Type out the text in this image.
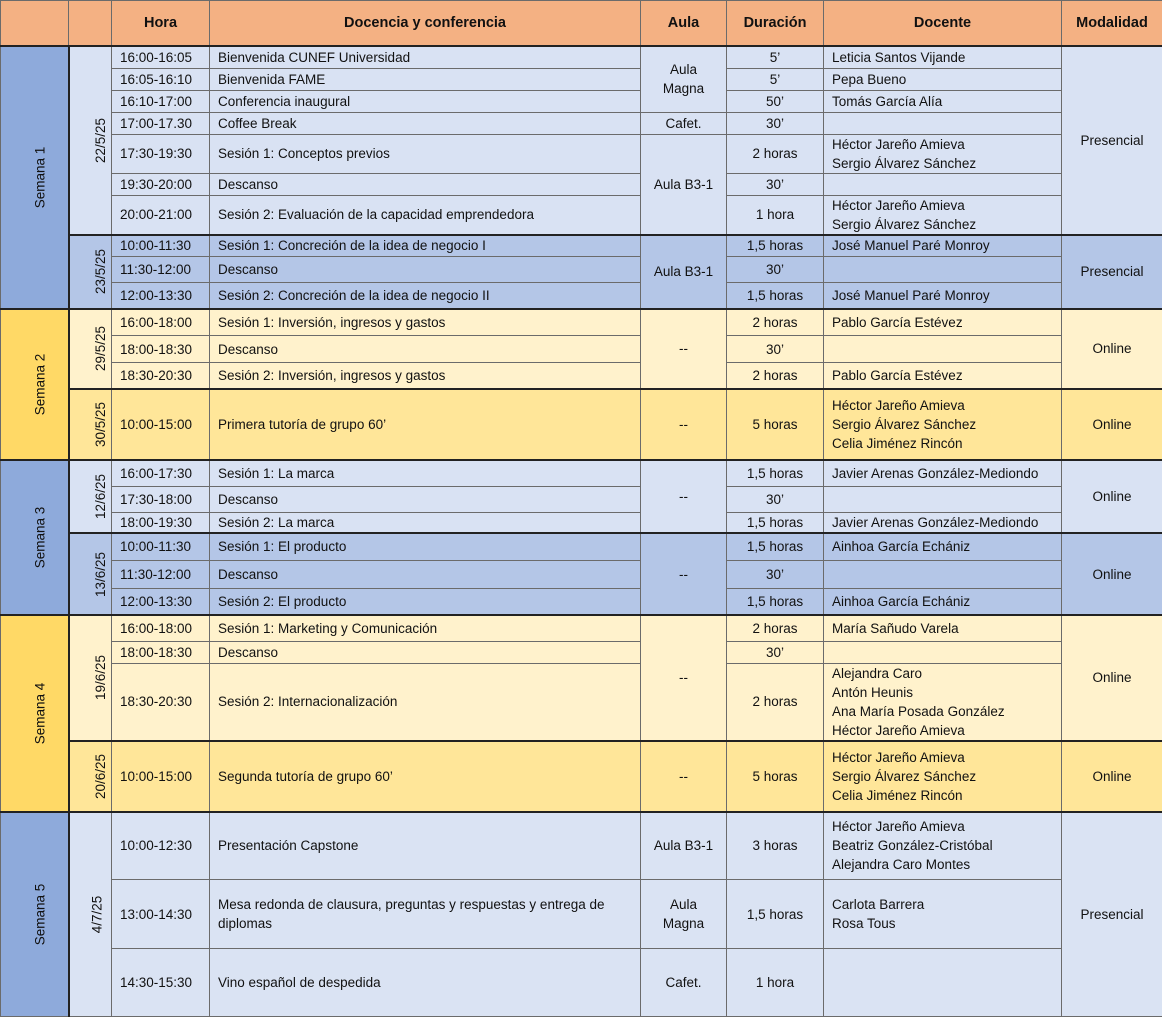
		Hora	Docencia y conferencia	Aula	Duración	Docente	Modalidad
Semana 1	22/5/25	16:00-16:05	Bienvenida CUNEF Universidad	Aula Magna	5’	Leticia Santos Vijande	Presencial
		16:05-16:10	Bienvenida FAME		5’	Pepa Bueno	

		16:10-17:00	Conferencia inaugural		50’	Tomás García Alía	

		17:00-17.30	Coffee Break	Cafet.	30’		
		17:30-19:30	Sesión 1: Conceptos previos	Aula B3-1	2 horas	Héctor Jareño Amieva
Sergio Álvarez Sánchez	

		19:30-20:00	Descanso		30’		
		20:00-21:00	Sesión 2: Evaluación de la capacidad emprendedora		1 hora	Héctor Jareño Amieva
Sergio Álvarez Sánchez	

	23/5/25	10:00-11:30	Sesión 1: Concreción de la idea de negocio I	Aula B3-1	1,5 horas	José Manuel Paré Monroy	Presencial
		11:30-12:00	Descanso		30’		
		12:00-13:30	Sesión 2: Concreción de la idea de negocio II		1,5 horas	José Manuel Paré Monroy	

Semana 2	29/5/25	16:00-18:00	Sesión 1: Inversión, ingresos y gastos	--	2 horas	Pablo García Estévez	Online
		18:00-18:30	Descanso		30’		
		18:30-20:30	Sesión 2: Inversión, ingresos y gastos		2 horas	Pablo García Estévez	

	30/5/25	10:00-15:00	Primera tutoría de grupo 60’	--	5 horas	Héctor Jareño Amieva
Sergio Álvarez Sánchez
Celia Jiménez Rincón	Online
Semana 3	12/6/25	16:00-17:30	Sesión 1: La marca	--	1,5 horas	Javier Arenas González-Mediondo	Online
		17:30-18:00	Descanso		30’		
		18:00-19:30	Sesión 2: La marca		1,5 horas	Javier Arenas González-Mediondo	

	13/6/25	10:00-11:30	Sesión 1: El producto	--	1,5 horas	Ainhoa García Echániz	Online
		11:30-12:00	Descanso		30’		
		12:00-13:30	Sesión 2: El producto		1,5 horas	Ainhoa García Echániz	

Semana 4	19/6/25	16:00-18:00	Sesión 1: Marketing y Comunicación	--	2 horas	María Sañudo Varela	Online
		18:00-18:30	Descanso		30’		
		18:30-20:30	Sesión 2: Internacionalización		2 horas	Alejandra Caro
Antón Heunis
Ana María Posada González
Héctor Jareño Amieva	

	20/6/25	10:00-15:00	Segunda tutoría de grupo 60’	--	5 horas	Héctor Jareño Amieva
Sergio Álvarez Sánchez
Celia Jiménez Rincón	Online
Semana 5	4/7/25	10:00-12:30	Presentación Capstone	Aula B3-1	3 horas	Héctor Jareño Amieva
Beatriz González-Cristóbal
Alejandra Caro Montes	Presencial
		13:00-14:30	Mesa redonda de clausura, preguntas y respuestas y entrega de diplomas	Aula Magna	1,5 horas	Carlota Barrera
Rosa Tous	

		14:30-15:30	Vino español de despedida	Cafet.	1 hora		
